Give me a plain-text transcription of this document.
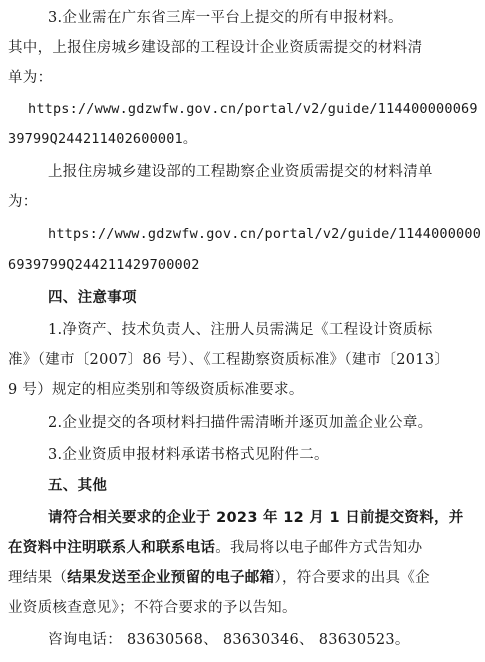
3.企业需在广东省三库一平台上提交的所有申报材料。
其中，上报住房城乡建设部的工程设计企业资质需提交的材料清
单为：
https://www.gdzwfw.gov.cn/portal/v2/guide/114400000069
39799Q244211402600001。
上报住房城乡建设部的工程勘察企业资质需提交的材料清单
为：
https://www.gdzwfw.gov.cn/portal/v2/guide/1144000000
6939799Q244211429700002
四、注意事项
1.净资产、技术负责人、注册人员需满足《工程设计资质标
准》（建市〔2007〕86 号）、《工程勘察资质标准》（建市〔2013〕
9 号）规定的相应类别和等级资质标准要求。
2.企业提交的各项材料扫描件需清晰并逐页加盖企业公章。
3.企业资质申报材料承诺书格式见附件二。
五、其他
请符合相关要求的企业于 2023 年 12 月 1 日前提交资料，并
在资料中注明联系人和联系电话。我局将以电子邮件方式告知办
理结果（结果发送至企业预留的电子邮箱），符合要求的出具《企
业资质核查意见》；不符合要求的予以告知。
咨询电话： 83630568、 83630346、 83630523。
